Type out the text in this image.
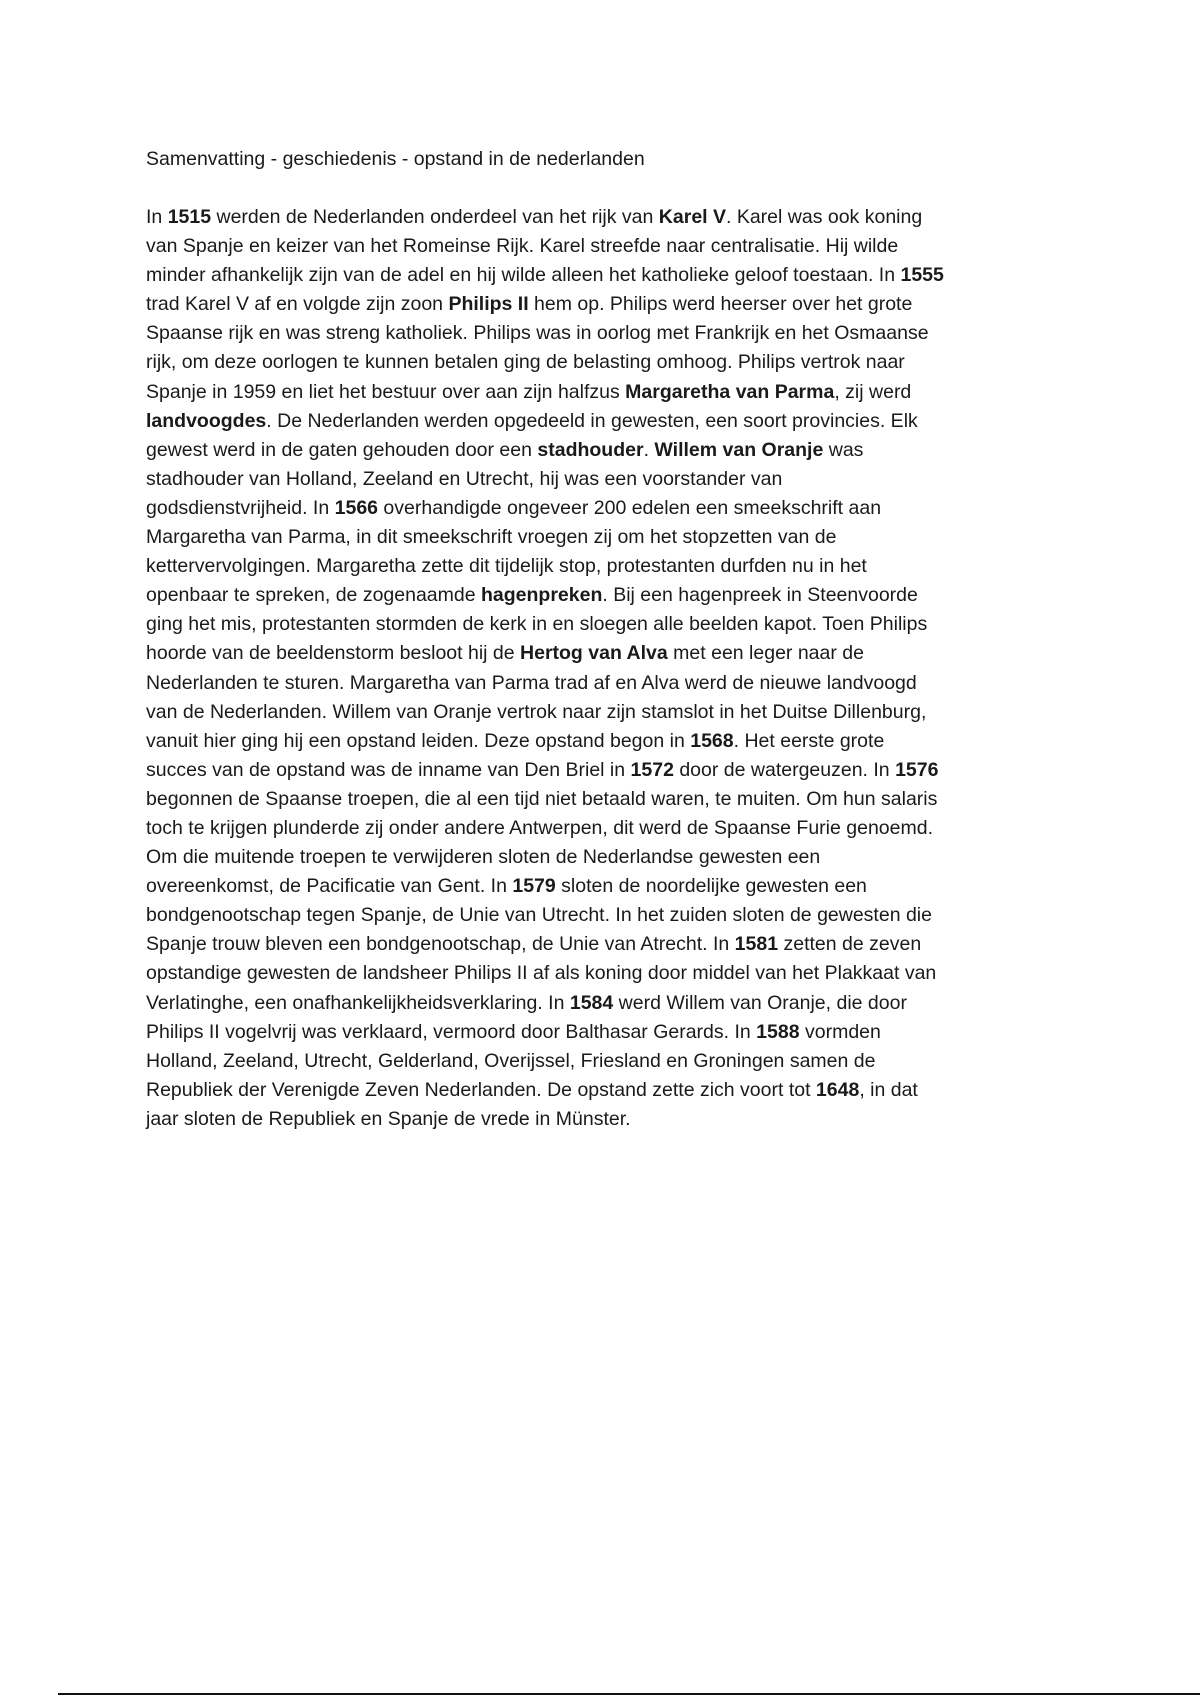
Samenvatting - geschiedenis - opstand in de nederlanden

In 1515 werden de Nederlanden onderdeel van het rijk van Karel V. Karel was ook koning
van Spanje en keizer van het Romeinse Rijk. Karel streefde naar centralisatie. Hij wilde
minder afhankelijk zijn van de adel en hij wilde alleen het katholieke geloof toestaan. In 1555
trad Karel V af en volgde zijn zoon Philips II hem op. Philips werd heerser over het grote
Spaanse rijk en was streng katholiek. Philips was in oorlog met Frankrijk en het Osmaanse
rijk, om deze oorlogen te kunnen betalen ging de belasting omhoog. Philips vertrok naar
Spanje in 1959 en liet het bestuur over aan zijn halfzus Margaretha van Parma, zij werd
landvoogdes. De Nederlanden werden opgedeeld in gewesten, een soort provincies. Elk
gewest werd in de gaten gehouden door een stadhouder. Willem van Oranje was
stadhouder van Holland, Zeeland en Utrecht, hij was een voorstander van
godsdienstvrijheid. In 1566 overhandigde ongeveer 200 edelen een smeekschrift aan
Margaretha van Parma, in dit smeekschrift vroegen zij om het stopzetten van de
kettervervolgingen. Margaretha zette dit tijdelijk stop, protestanten durfden nu in het
openbaar te spreken, de zogenaamde hagenpreken. Bij een hagenpreek in Steenvoorde
ging het mis, protestanten stormden de kerk in en sloegen alle beelden kapot. Toen Philips
hoorde van de beeldenstorm besloot hij de Hertog van Alva met een leger naar de
Nederlanden te sturen. Margaretha van Parma trad af en Alva werd de nieuwe landvoogd
van de Nederlanden. Willem van Oranje vertrok naar zijn stamslot in het Duitse Dillenburg,
vanuit hier ging hij een opstand leiden. Deze opstand begon in 1568. Het eerste grote
succes van de opstand was de inname van Den Briel in 1572 door de watergeuzen. In 1576
begonnen de Spaanse troepen, die al een tijd niet betaald waren, te muiten. Om hun salaris
toch te krijgen plunderde zij onder andere Antwerpen, dit werd de Spaanse Furie genoemd.
Om die muitende troepen te verwijderen sloten de Nederlandse gewesten een
overeenkomst, de Pacificatie van Gent. In 1579 sloten de noordelijke gewesten een
bondgenootschap tegen Spanje, de Unie van Utrecht. In het zuiden sloten de gewesten die
Spanje trouw bleven een bondgenootschap, de Unie van Atrecht. In 1581 zetten de zeven
opstandige gewesten de landsheer Philips II af als koning door middel van het Plakkaat van
Verlatinghe, een onafhankelijkheidsverklaring. In 1584 werd Willem van Oranje, die door
Philips II vogelvrij was verklaard, vermoord door Balthasar Gerards. In 1588 vormden
Holland, Zeeland, Utrecht, Gelderland, Overijssel, Friesland en Groningen samen de
Republiek der Verenigde Zeven Nederlanden. De opstand zette zich voort tot 1648, in dat
jaar sloten de Republiek en Spanje de vrede in Münster.
